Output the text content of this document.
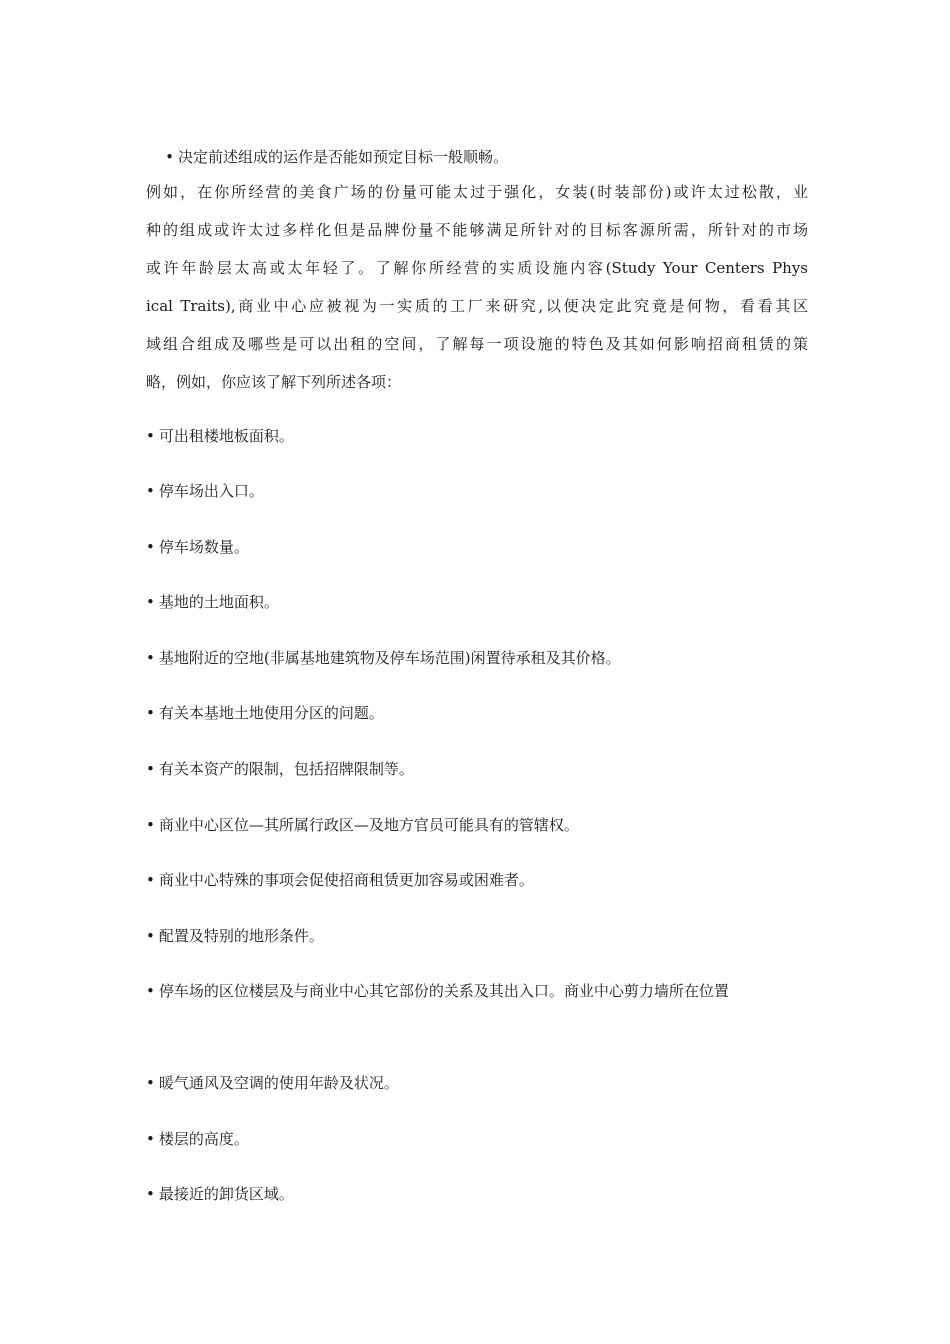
• 决定前述组成的运作是否能如预定目标一般顺畅。

例如，在你所经营的美食广场的份量可能太过于强化，女装(时装部份)或许太过松散，业
种的组成或许太过多样化但是品牌份量不能够满足所针对的目标客源所需，所针对的市场
或许年龄层太高或太年轻了。了解你所经营的实质设施内容(Study Your Centers Phys
ical Traits),商业中心应被视为一实质的工厂来研究,以便决定此究竟是何物，看看其区
域组合组成及哪些是可以出租的空间，了解每一项设施的特色及其如何影响招商租赁的策
略，例如，你应该了解下列所述各项：
• 可出租楼地板面积。
• 停车场出入口。
• 停车场数量。
• 基地的土地面积。
• 基地附近的空地(非属基地建筑物及停车场范围)闲置待承租及其价格。
• 有关本基地土地使用分区的问题。
• 有关本资产的限制，包括招牌限制等。
• 商业中心区位—其所属行政区—及地方官员可能具有的管辖权。
• 商业中心特殊的事项会促使招商租赁更加容易或困难者。
• 配置及特别的地形条件。
• 停车场的区位楼层及与商业中心其它部份的关系及其出入口。商业中心剪力墙所在位置
• 暖气通风及空调的使用年龄及状况。
• 楼层的高度。
• 最接近的卸货区域。
